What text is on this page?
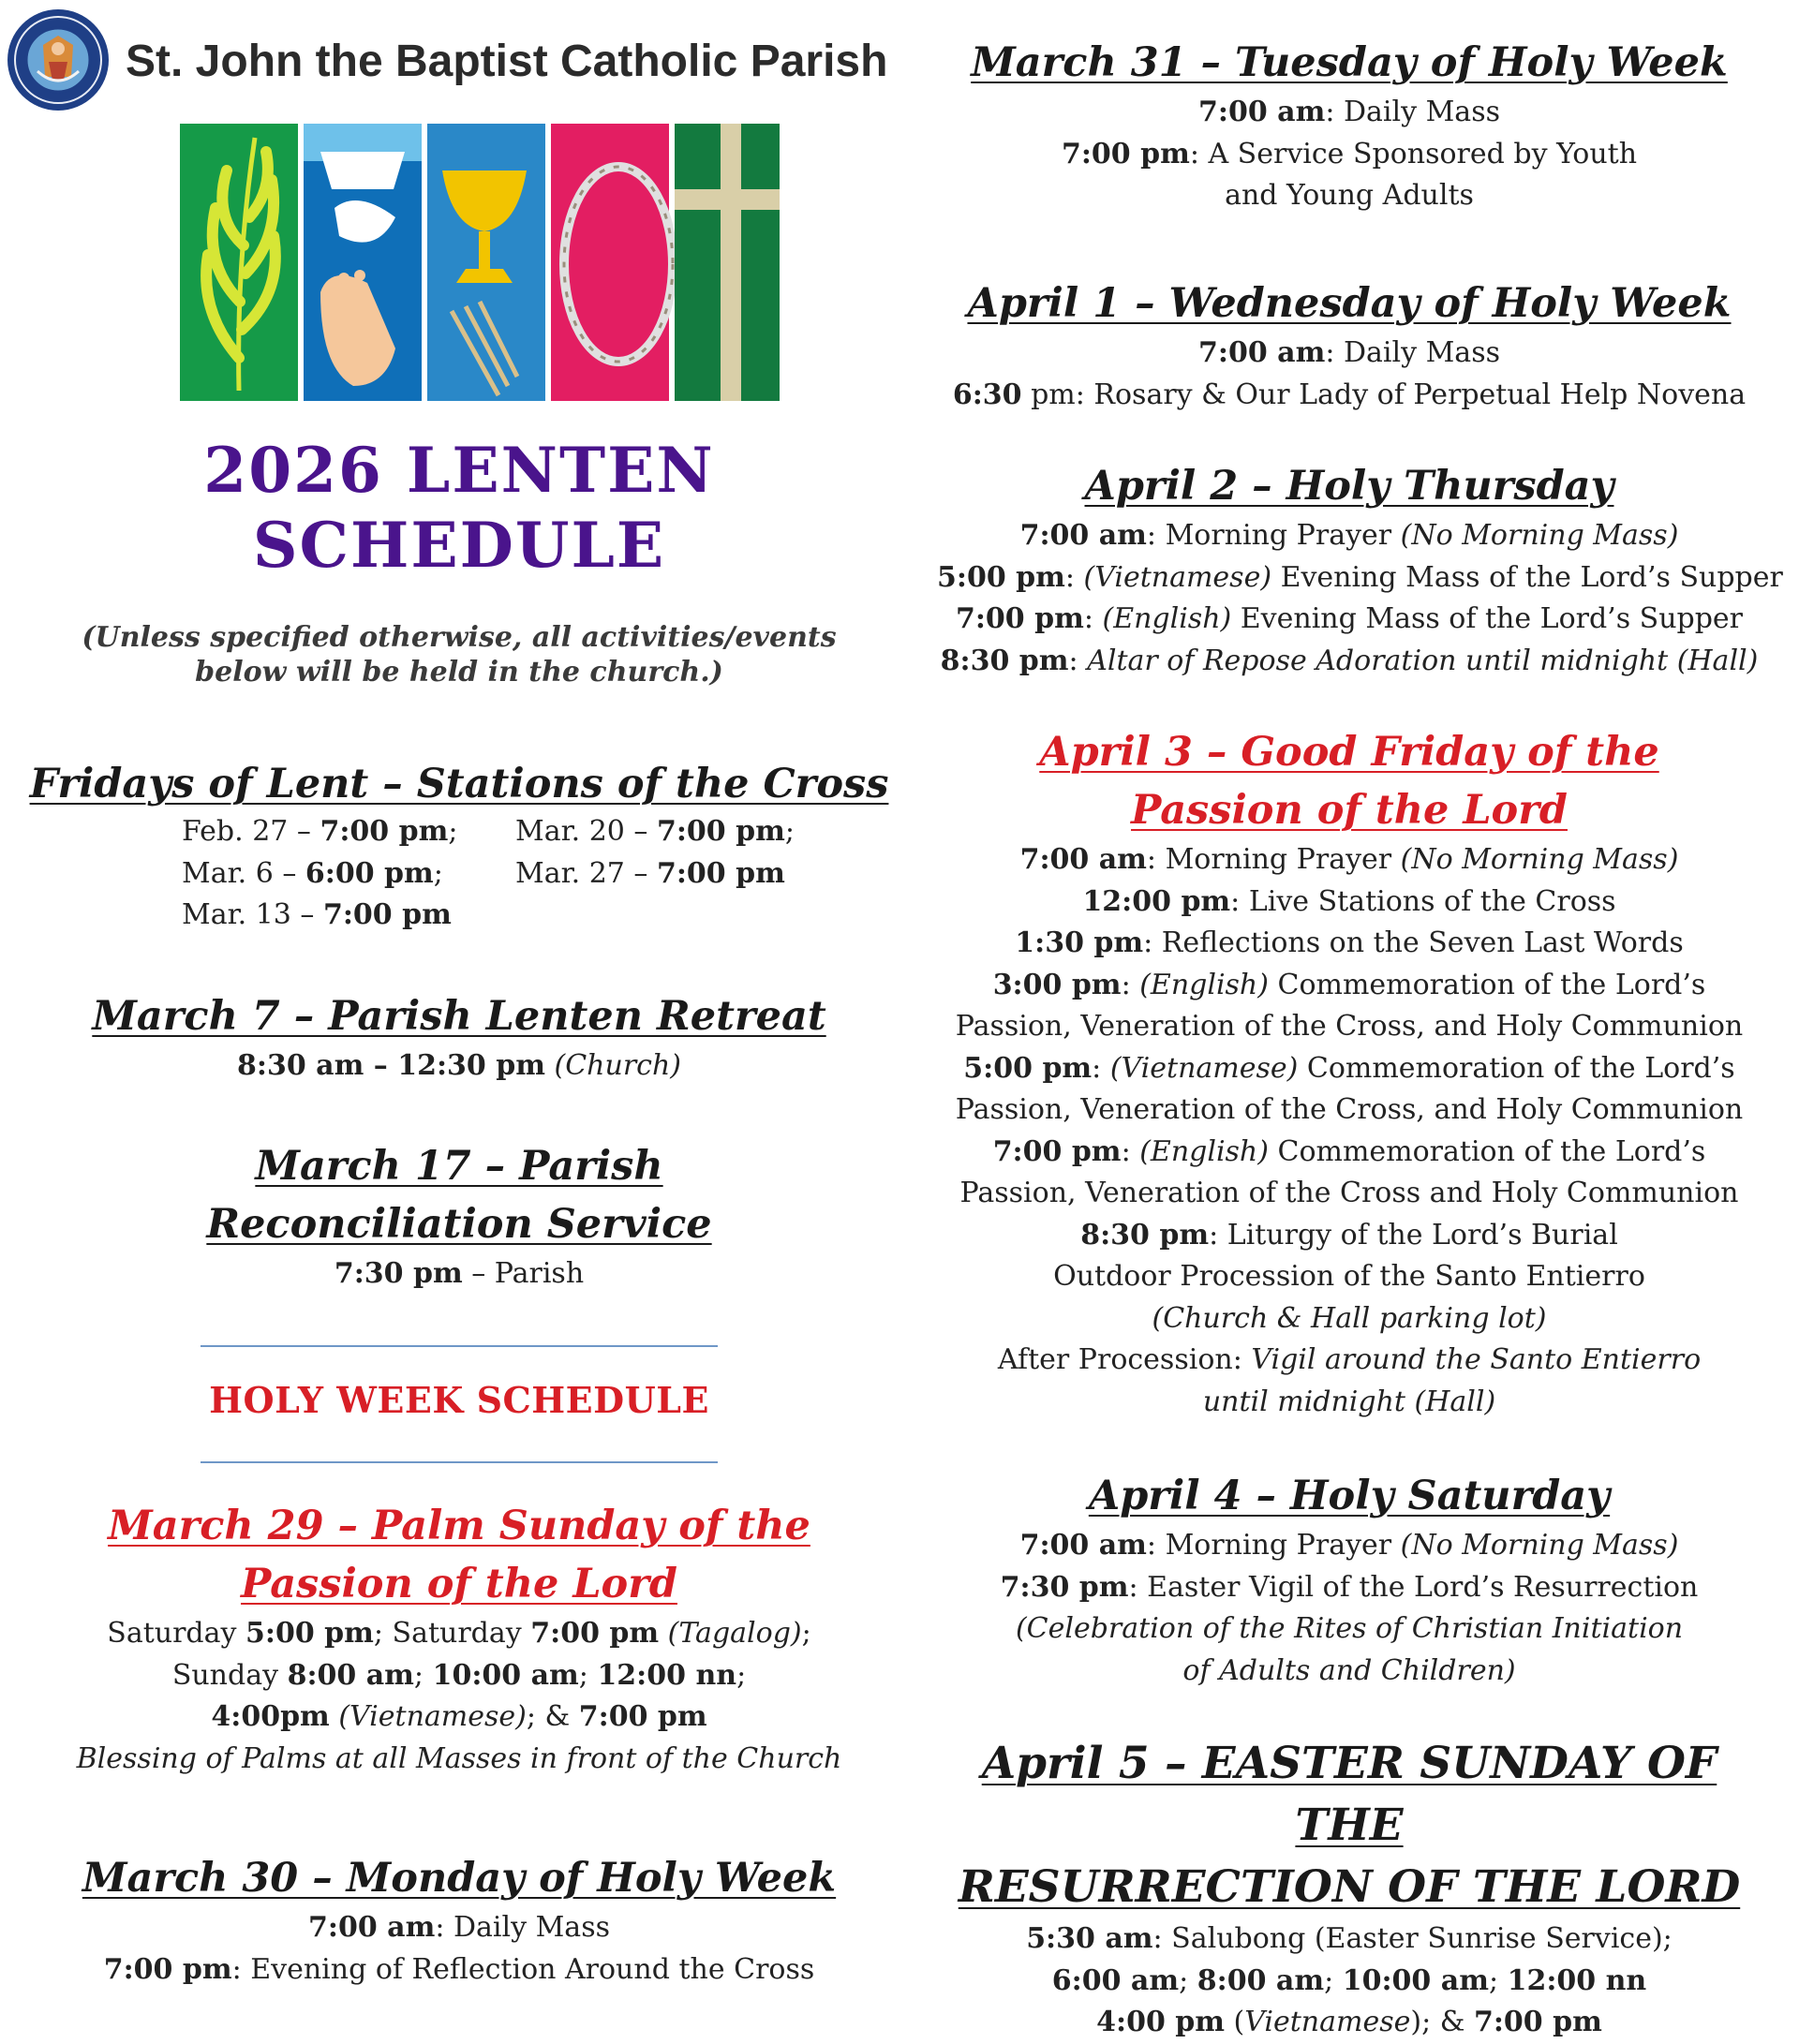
St. John the Baptist Catholic Parish
2026 LENTEN
SCHEDULE
(Unless specified otherwise, all activities/events
below will be held in the church.)
Fridays of Lent – Stations of the Cross
Feb. 27 – 7:00 pm;
Mar. 6 – 6:00 pm;
Mar. 13 – 7:00 pm
Mar. 20 – 7:00 pm;
Mar. 27 – 7:00 pm
March 7 – Parish Lenten Retreat
8:30 am – 12:30 pm (Church)
March 17 – Parish
Reconciliation Service
7:30 pm – Parish
HOLY WEEK SCHEDULE
March 29 – Palm Sunday of the
Passion of the Lord
Saturday 5:00 pm; Saturday 7:00 pm (Tagalog);
Sunday 8:00 am; 10:00 am; 12:00 nn;
4:00pm (Vietnamese); & 7:00 pm
Blessing of Palms at all Masses in front of the Church
March 30 – Monday of Holy Week
7:00 am: Daily Mass
7:00 pm: Evening of Reflection Around the Cross
March 31 – Tuesday of Holy Week
7:00 am: Daily Mass
7:00 pm: A Service Sponsored by Youth
and Young Adults
April 1 – Wednesday of Holy Week
7:00 am: Daily Mass
6:30 pm: Rosary & Our Lady of Perpetual Help Novena
April 2 – Holy Thursday
7:00 am: Morning Prayer (No Morning Mass)
5:00 pm: (Vietnamese) Evening Mass of the Lord’s Supper
7:00 pm: (English) Evening Mass of the Lord’s Supper
8:30 pm: Altar of Repose Adoration until midnight (Hall)
April 3 – Good Friday of the
Passion of the Lord
7:00 am: Morning Prayer (No Morning Mass)
12:00 pm: Live Stations of the Cross
1:30 pm: Reflections on the Seven Last Words
3:00 pm: (English) Commemoration of the Lord’s
Passion, Veneration of the Cross, and Holy Communion
5:00 pm: (Vietnamese) Commemoration of the Lord’s
Passion, Veneration of the Cross, and Holy Communion
7:00 pm: (English) Commemoration of the Lord’s
Passion, Veneration of the Cross and Holy Communion
8:30 pm: Liturgy of the Lord’s Burial
Outdoor Procession of the Santo Entierro
(Church & Hall parking lot)
After Procession: Vigil around the Santo Entierro
until midnight (Hall)
April 4 – Holy Saturday
7:00 am: Morning Prayer (No Morning Mass)
7:30 pm: Easter Vigil of the Lord’s Resurrection
(Celebration of the Rites of Christian Initiation
of Adults and Children)
April 5 – EASTER SUNDAY OF THE
RESURRECTION OF THE LORD
5:30 am: Salubong (Easter Sunrise Service);
6:00 am; 8:00 am; 10:00 am; 12:00 nn
4:00 pm (Vietnamese); & 7:00 pm
